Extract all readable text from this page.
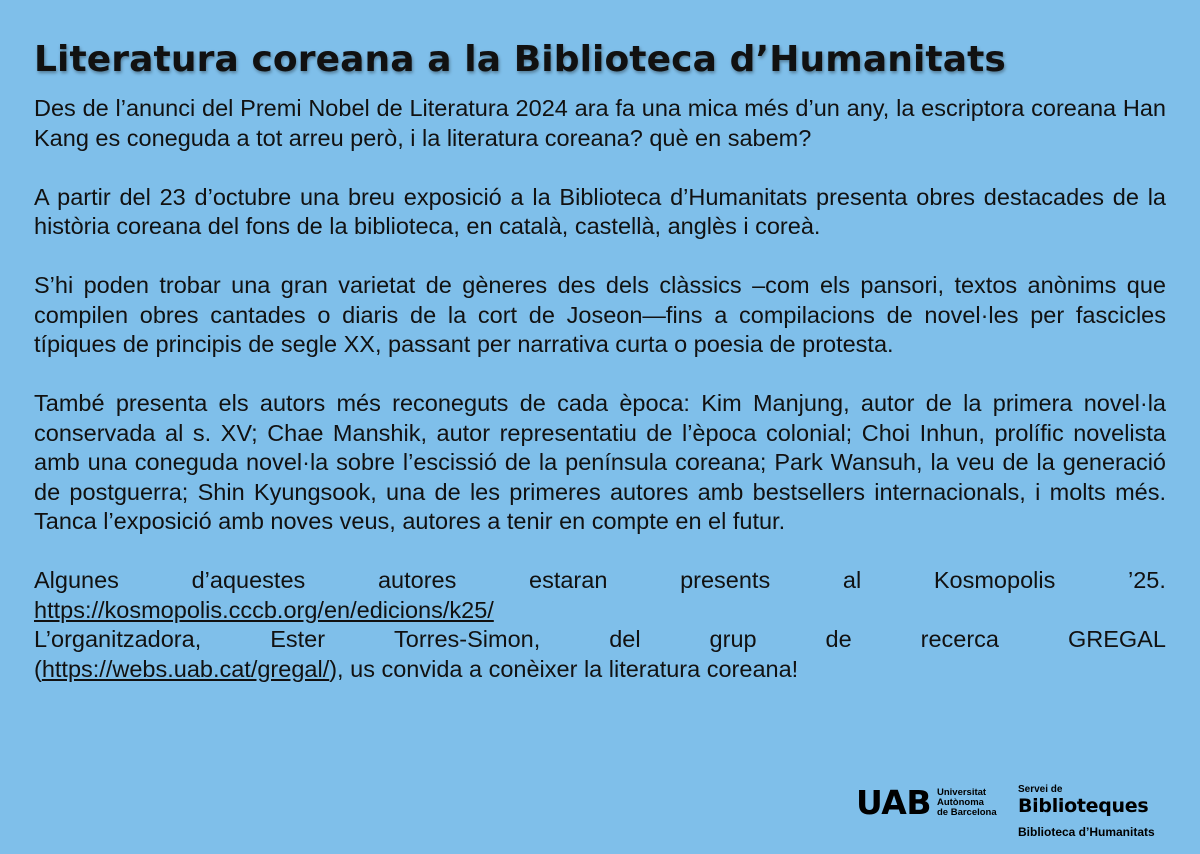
Literatura coreana a la Biblioteca d’Humanitats

Des de l’anunci del Premi Nobel de Literatura 2024 ara fa una mica més d’un any, la escriptora coreana Han Kang es coneguda a tot arreu però, i la literatura coreana? què en sabem?

A partir del 23 d’octubre una breu exposició a la Biblioteca d’Humanitats presenta obres destacades de la història coreana del fons de la biblioteca, en català, castellà, anglès i coreà.

S’hi poden trobar una gran varietat de gèneres des dels clàssics –com els pansori, textos anònims que compilen obres cantades o diaris de la cort de Joseon—fins a compilacions de novel·les per fascicles típiques de principis de segle XX, passant per narrativa curta o poesia de protesta.

També presenta els autors més reconeguts de cada època: Kim Manjung, autor de la primera novel·la conservada al s. XV; Chae Manshik, autor representatiu de l’època colonial; Choi Inhun, prolífic novelista amb una coneguda novel·la sobre l’escissió de la península coreana; Park Wansuh, la veu de la generació de postguerra; Shin Kyungsook, una de les primeres autores amb bestsellers internacionals, i molts més. Tanca l’exposició amb noves veus, autores a tenir en compte en el futur.

Algunes	d’aquestes	autores	estaran	presents	al	Kosmopolis	’25.
https://kosmopolis.cccb.org/en/edicions/k25/
L’organitzadora,	Ester	Torres-Simon,	del	grup	de	recerca	GREGAL
(https://webs.uab.cat/gregal/), us convida a conèixer la literatura coreana!
UAB Universitat
Autònoma
de Barcelona
Servei de
Biblioteques
Biblioteca d’Humanitats
